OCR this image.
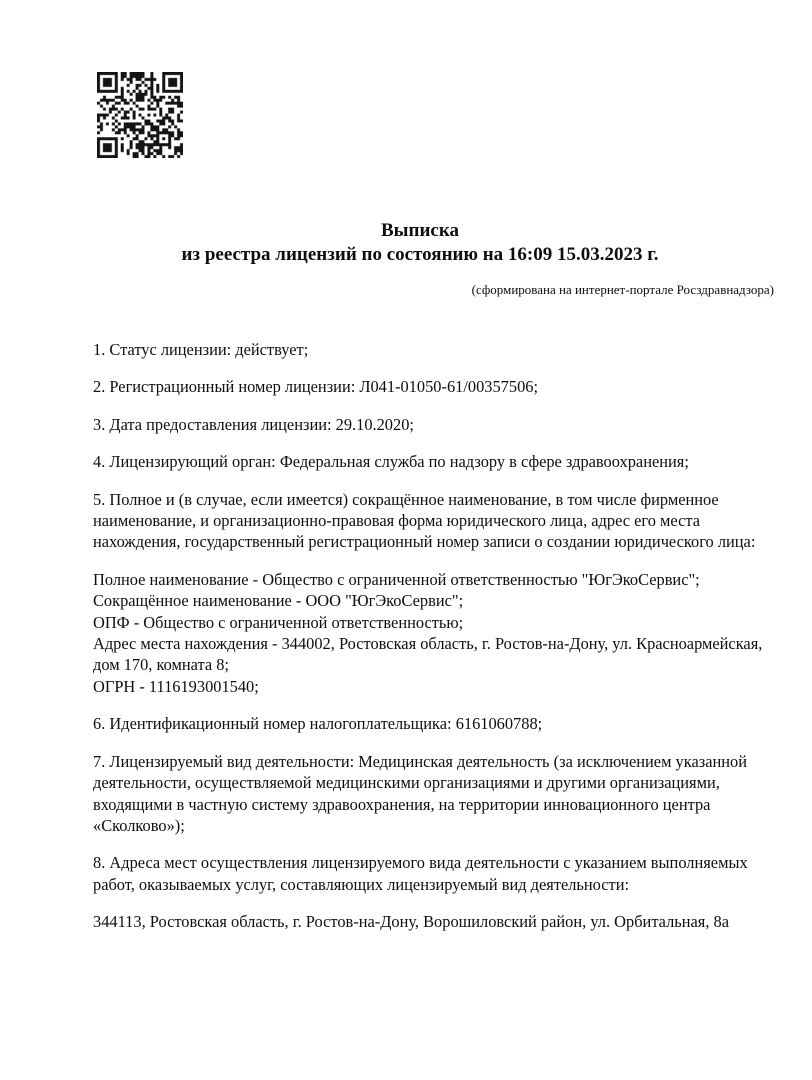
Выписка
из реестра лицензий по состоянию на 16:09 15.03.2023 г.
(сформирована на интернет-портале Росздравнадзора)
1. Статус лицензии: действует;
2. Регистрационный номер лицензии: Л041-01050-61/00357506;
3. Дата предоставления лицензии: 29.10.2020;
4. Лицензирующий орган: Федеральная служба по надзору в сфере здравоохранения;
5. Полное и (в случае, если имеется) сокращённое наименование, в том числе фирменное
наименование, и организационно-правовая форма юридического лица, адрес его места
нахождения, государственный регистрационный номер записи о создании юридического лица:
Полное наименование - Общество с ограниченной ответственностью "ЮгЭкоСервис";
Сокращённое наименование - ООО "ЮгЭкоСервис";
ОПФ - Общество с ограниченной ответственностью;
Адрес места нахождения - 344002, Ростовская область, г. Ростов-на-Дону, ул. Красноармейская,
дом 170, комната 8;
ОГРН - 1116193001540;
6. Идентификационный номер налогоплательщика: 6161060788;
7. Лицензируемый вид деятельности: Медицинская деятельность (за исключением указанной
деятельности, осуществляемой медицинскими организациями и другими организациями,
входящими в частную систему здравоохранения, на территории инновационного центра
«Сколково»);
8. Адреса мест осуществления лицензируемого вида деятельности с указанием выполняемых
работ, оказываемых услуг, составляющих лицензируемый вид деятельности:
344113, Ростовская область, г. Ростов-на-Дону, Ворошиловский район, ул. Орбитальная, 8а
